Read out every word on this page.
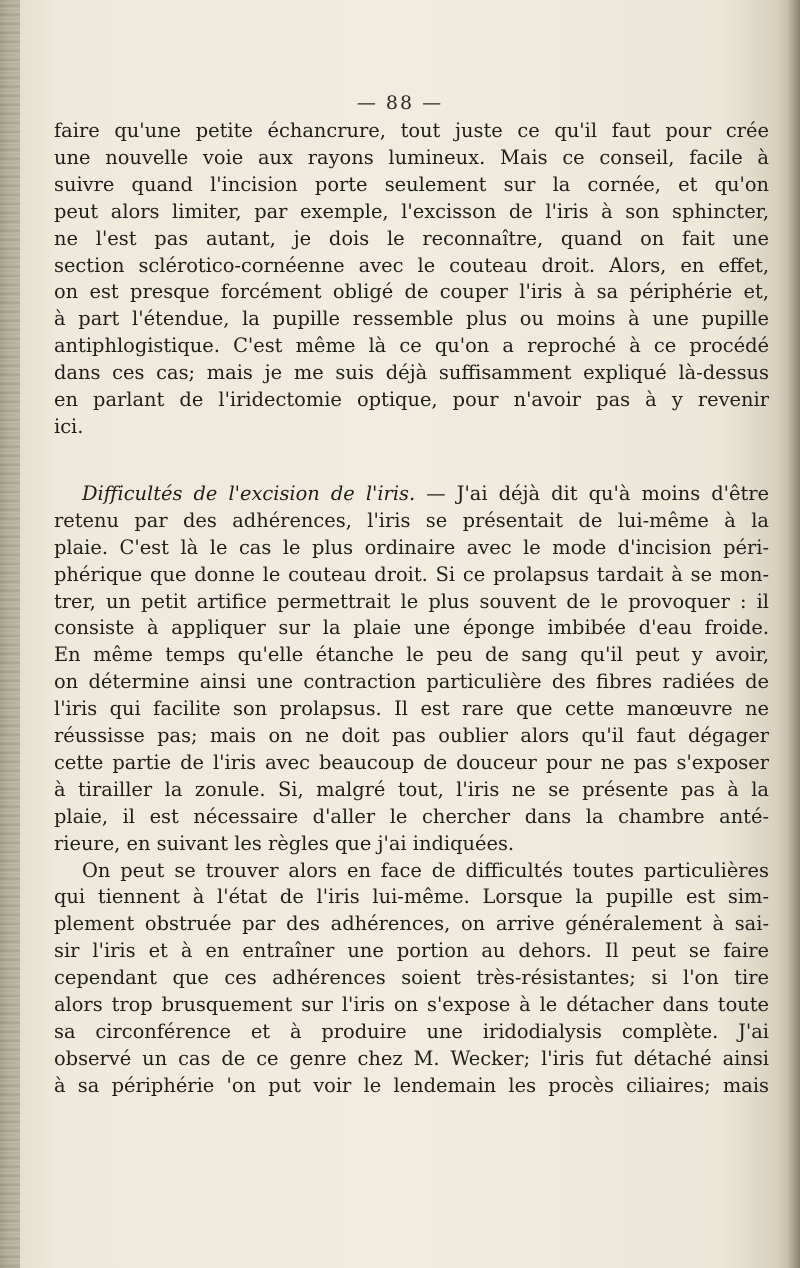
— 88 —
faire qu'une petite échancrure, tout juste ce qu'il faut pour crée
une nouvelle voie aux rayons lumineux. Mais ce conseil, facile à
suivre quand l'incision porte seulement sur la cornée, et qu'on
peut alors limiter, par exemple, l'excisson de l'iris à son sphincter,
ne l'est pas autant, je dois le reconnaître, quand on fait une
section sclérotico-cornéenne avec le couteau droit. Alors, en effet,
on est presque forcément obligé de couper l'iris à sa périphérie et,
à part l'étendue, la pupille ressemble plus ou moins à une pupille
antiphlogistique. C'est même là ce qu'on a reproché à ce procédé
dans ces cas; mais je me suis déjà suffisamment expliqué là-dessus
en parlant de l'iridectomie optique, pour n'avoir pas à y revenir
ici.
Difficultés de l'excision de l'iris. — J'ai déjà dit qu'à moins d'être
retenu par des adhérences, l'iris se présentait de lui-même à la
plaie. C'est là le cas le plus ordinaire avec le mode d'incision péri-
phérique que donne le couteau droit. Si ce prolapsus tardait à se mon-
trer, un petit artifice permettrait le plus souvent de le provoquer : il
consiste à appliquer sur la plaie une éponge imbibée d'eau froide.
En même temps qu'elle étanche le peu de sang qu'il peut y avoir,
on détermine ainsi une contraction particulière des fibres radiées de
l'iris qui facilite son prolapsus. Il est rare que cette manœuvre ne
réussisse pas; mais on ne doit pas oublier alors qu'il faut dégager
cette partie de l'iris avec beaucoup de douceur pour ne pas s'exposer
à tirailler la zonule. Si, malgré tout, l'iris ne se présente pas à la
plaie, il est nécessaire d'aller le chercher dans la chambre anté-
rieure, en suivant les règles que j'ai indiquées.
On peut se trouver alors en face de difficultés toutes particulières
qui tiennent à l'état de l'iris lui-même. Lorsque la pupille est sim-
plement obstruée par des adhérences, on arrive généralement à sai-
sir l'iris et à en entraîner une portion au dehors. Il peut se faire
cependant que ces adhérences soient très-résistantes; si l'on tire
alors trop brusquement sur l'iris on s'expose à le détacher dans toute
sa circonférence et à produire une iridodialysis complète. J'ai
observé un cas de ce genre chez M. Wecker; l'iris fut détaché ainsi
à sa périphérie 'on put voir le lendemain les procès ciliaires; mais
